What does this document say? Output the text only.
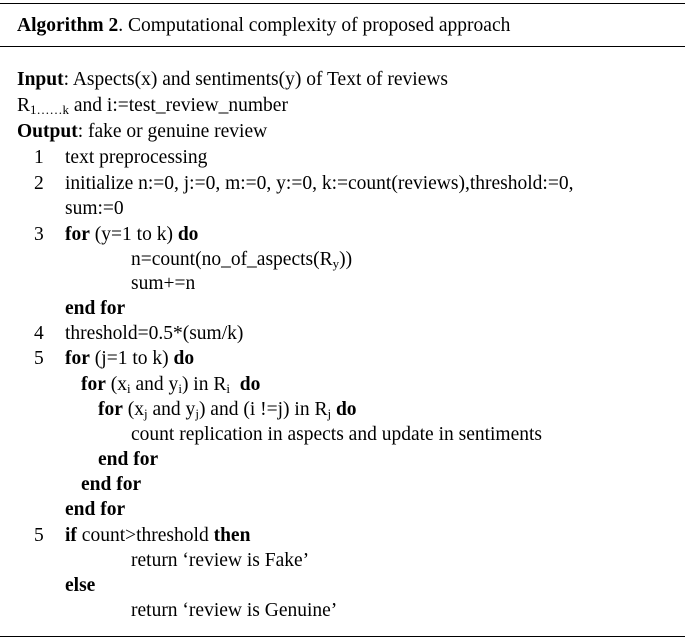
Algorithm 2. Computational complexity of proposed approach
Input: Aspects(x) and sentiments(y) of Text of reviews
$R_{1\dots\dots k}$ and i:=test_review_number
Output: fake or genuine review
1 text preprocessing
2 initialize n:=0, j:=0, m:=0, y:=0, k:=count(reviews),threshold:=0,
sum:=0
3 for (y=1 to k) do
$n=count(no\_of\_aspects(R_y))$
sum+=n
end for
4 threshold=0.5*(sum/k)
5 for (j=1 to k) do
for ($x_i$ and $y_i$) in $R_i$ do
for ($x_j$ and $y_j$) and (i !=j) in $R_j$ do
count replication in aspects and update in sentiments
end for
end for
end for
5 if count>threshold then
return ‘review is Fake’
else
return ‘review is Genuine’
